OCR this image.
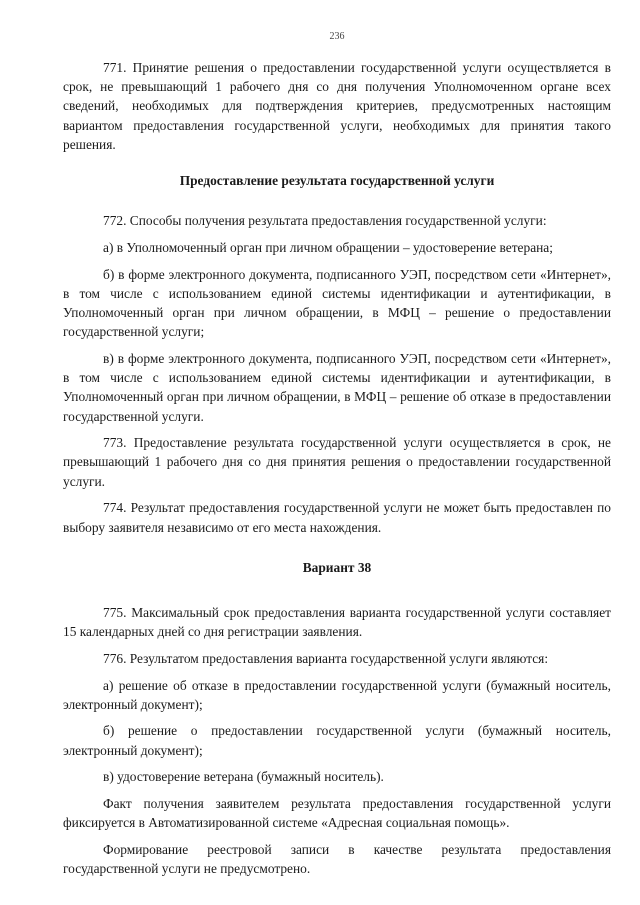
236

771. Принятие решения о предоставлении государственной услуги осуществляется в срок, не превышающий 1 рабочего дня со дня получения Уполномоченном органе всех сведений, необходимых для подтверждения критериев, предусмотренных настоящим вариантом предоставления государственной услуги, необходимых для принятия такого решения.

Предоставление результата государственной услуги

772. Способы получения результата предоставления государственной услуги:

а) в Уполномоченный орган при личном обращении – удостоверение ветерана;

б) в форме электронного документа, подписанного УЭП, посредством сети «Интернет», в том числе с использованием единой системы идентификации и аутентификации, в Уполномоченный орган при личном обращении, в МФЦ – решение о предоставлении государственной услуги;

в) в форме электронного документа, подписанного УЭП, посредством сети «Интернет», в том числе с использованием единой системы идентификации и аутентификации, в Уполномоченный орган при личном обращении, в МФЦ – решение об отказе в предоставлении государственной услуги.

773. Предоставление результата государственной услуги осуществляется в срок, не превышающий 1 рабочего дня со дня принятия решения о предоставлении государственной услуги.

774. Результат предоставления государственной услуги не может быть предоставлен по выбору заявителя независимо от его места нахождения.

Вариант 38

775. Максимальный срок предоставления варианта государственной услуги составляет 15 календарных дней со дня регистрации заявления.

776. Результатом предоставления варианта государственной услуги являются:

а) решение об отказе в предоставлении государственной услуги (бумажный носитель, электронный документ);

б) решение о предоставлении государственной услуги (бумажный носитель, электронный документ);

в) удостоверение ветерана (бумажный носитель).

Факт получения заявителем результата предоставления государственной услуги фиксируется в Автоматизированной системе «Адресная социальная помощь».

Формирование реестровой записи в качестве результата предоставления государственной услуги не предусмотрено.
